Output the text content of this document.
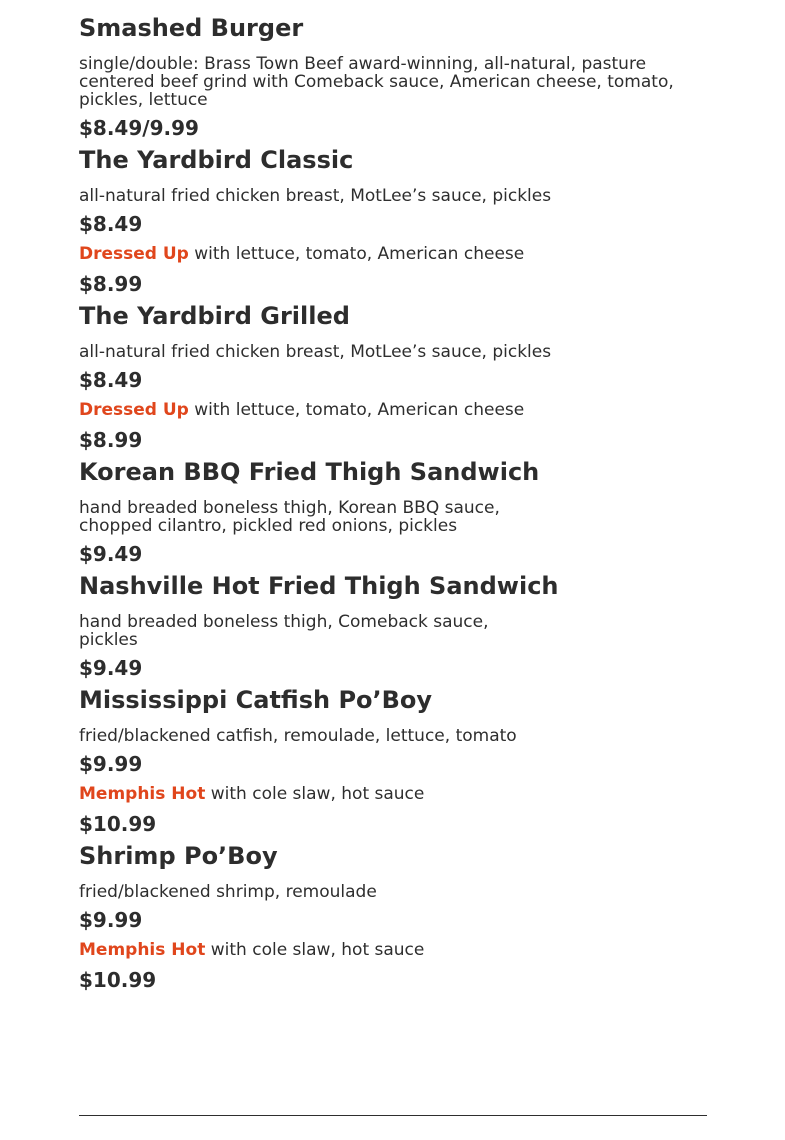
Smashed Burger
single/double: Brass Town Beef award-winning, all-natural, pasture centered beef grind with Comeback sauce, American cheese, tomato, pickles, lettuce
$8.49/9.99
The Yardbird Classic
all-natural fried chicken breast, MotLee’s sauce, pickles
$8.49
Dressed Up with lettuce, tomato, American cheese
$8.99
The Yardbird Grilled
all-natural fried chicken breast, MotLee’s sauce, pickles
$8.49
Dressed Up with lettuce, tomato, American cheese
$8.99
Korean BBQ Fried Thigh Sandwich
hand breaded boneless thigh, Korean BBQ sauce,
chopped cilantro, pickled red onions, pickles
$9.49
Nashville Hot Fried Thigh Sandwich
hand breaded boneless thigh, Comeback sauce,
pickles
$9.49
Mississippi Catfish Po’Boy
fried/blackened catfish, remoulade, lettuce, tomato
$9.99
Memphis Hot with cole slaw, hot sauce
$10.99
Shrimp Po’Boy
fried/blackened shrimp, remoulade
$9.99
Memphis Hot with cole slaw, hot sauce
$10.99
